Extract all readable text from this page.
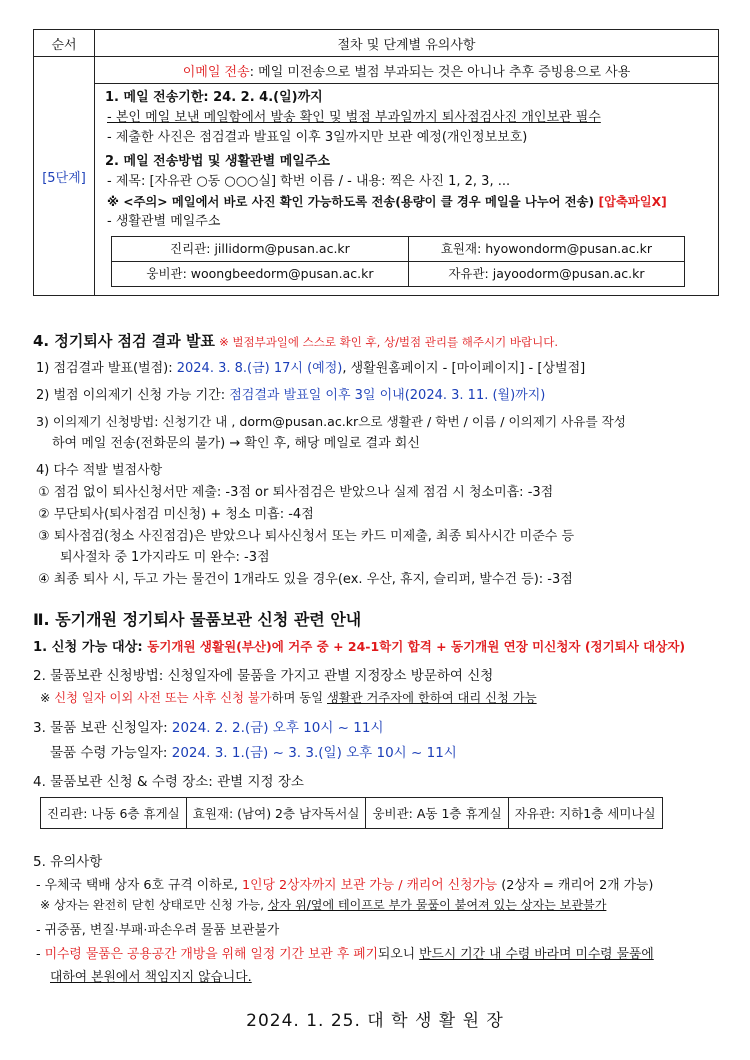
순서	절차 및 단계별 유의사항
[5단계]	이메일 전송: 메일 미전송으로 벌점 부과되는 것은 아니나 추후 증빙용으로 사용

1. 메일 전송기한: 24. 2. 4.(일)까지
- 본인 메일 보낸 메일함에서 발송 확인 및 벌점 부과일까지 퇴사점검사진 개인보관 필수
- 제출한 사진은 점검결과 발표일 이후 3일까지만 보관 예정(개인정보보호)
2. 메일 전송방법 및 생활관별 메일주소
- 제목: [자유관 ○동 ○○○실] 학번 이름 / - 내용: 찍은 사진 1, 2, 3, ...
※ <주의> 메일에서 바로 사진 확인 가능하도록 전송(용량이 클 경우 메일을 나누어 전송) [압축파일X]
- 생활관별 메일주소
진리관: jillidorm@pusan.ac.kr	효원재: hyowondorm@pusan.ac.kr
웅비관: woongbeedorm@pusan.ac.kr	자유관: jayoodorm@pusan.ac.kr
4. 정기퇴사 점검 결과 발표 ※ 벌점부과일에 스스로 확인 후, 상/벌점 관리를 해주시기 바랍니다.
1) 점검결과 발표(벌점): 2024. 3. 8.(금) 17시 (예정), 생활원홈페이지 - [마이페이지] - [상벌점]
2) 벌점 이의제기 신청 가능 기간: 점검결과 발표일 이후 3일 이내(2024. 3. 11. (월)까지)
3) 이의제기 신청방법: 신청기간 내 , dorm@pusan.ac.kr으로 생활관 / 학번 / 이름 / 이의제기 사유를 작성
하여 메일 전송(전화문의 불가) → 확인 후, 해당 메일로 결과 회신
4) 다수 적발 벌점사항
① 점검 없이 퇴사신청서만 제출: -3점 or 퇴사점검은 받았으나 실제 점검 시 청소미흡: -3점
② 무단퇴사(퇴사점검 미신청) + 청소 미흡: -4점
③ 퇴사점검(청소 사진점검)은 받았으나 퇴사신청서 또는 카드 미제출, 최종 퇴사시간 미준수 등
퇴사절차 중 1가지라도 미 완수: -3점
④ 최종 퇴사 시, 두고 가는 물건이 1개라도 있을 경우(ex. 우산, 휴지, 슬리퍼, 발수건 등): -3점
Ⅱ. 동기개원 정기퇴사 물품보관 신청 관련 안내
1. 신청 가능 대상: 동기개원 생활원(부산)에 거주 중 + 24-1학기 합격 + 동기개원 연장 미신청자 (정기퇴사 대상자)
2. 물품보관 신청방법: 신청일자에 물품을 가지고 관별 지정장소 방문하여 신청
※ 신청 일자 이외 사전 또는 사후 신청 불가하며 동일 생활관 거주자에 한하여 대리 신청 가능
3. 물품 보관 신청일자: 2024. 2. 2.(금) 오후 10시 ~ 11시
물품 수령 가능일자: 2024. 3. 1.(금) ~ 3. 3.(일) 오후 10시 ~ 11시
4. 물품보관 신청 & 수령 장소: 관별 지정 장소
진리관: 나동 6층 휴게실	효원재: (남여) 2층 남자독서실	웅비관: A동 1층 휴게실	자유관: 지하1층 세미나실
5. 유의사항
- 우체국 택배 상자 6호 규격 이하로, 1인당 2상자까지 보관 가능 / 캐리어 신청가능 (2상자 = 캐리어 2개 가능)
※ 상자는 완전히 닫힌 상태로만 신청 가능, 상자 위/옆에 테이프로 부가 물품이 붙여져 있는 상자는 보관불가
- 귀중품, 변질·부패·파손우려 물품 보관불가
- 미수령 물품은 공용공간 개방을 위해 일정 기간 보관 후 폐기되오니 반드시 기간 내 수령 바라며 미수령 물품에
대하여 본원에서 책임지지 않습니다.
2024. 1. 25. 대 학 생 활 원 장
